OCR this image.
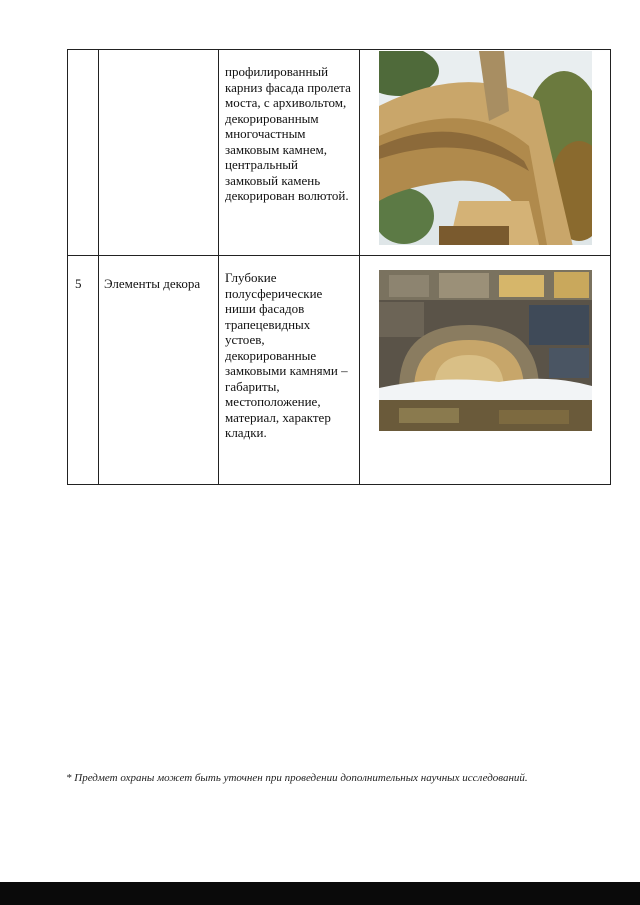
		профилированный карниз фасада пролета моста, с архивольтом, декорированным многочастным замковым камнем, центральный замковый камень декорирован волютой.

5	Элементы декора	Глубокие полусферические ниши фасадов трапецевидных устоев, декорированные замковыми камнями – габариты, местоположение, материал, характер кладки.

* Предмет охраны может быть уточнен при проведении дополнительных научных исследований.
